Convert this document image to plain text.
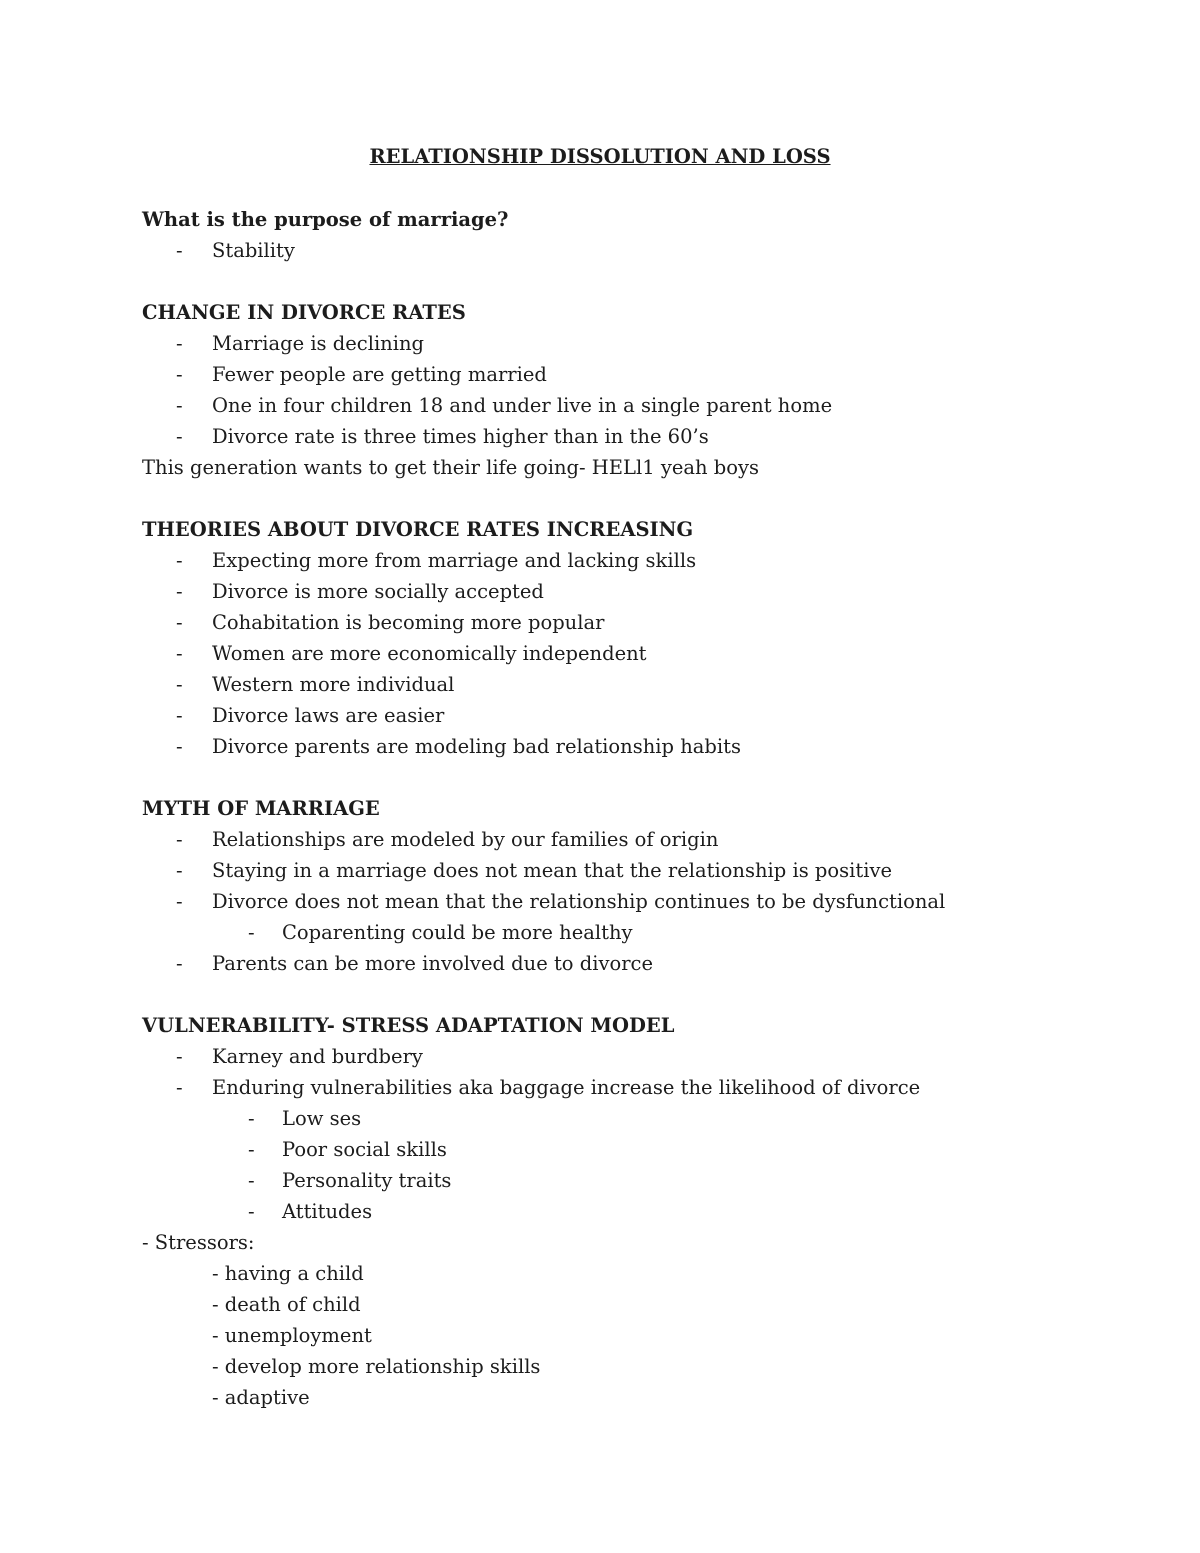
RELATIONSHIP DISSOLUTION AND LOSS
What is the purpose of marriage?
- Stability
CHANGE IN DIVORCE RATES
- Marriage is declining
- Fewer people are getting married
- One in four children 18 and under live in a single parent home
- Divorce rate is three times higher than in the 60’s
This generation wants to get their life going- HELl1 yeah boys
THEORIES ABOUT DIVORCE RATES INCREASING
- Expecting more from marriage and lacking skills
- Divorce is more socially accepted
- Cohabitation is becoming more popular
- Women are more economically independent
- Western more individual
- Divorce laws are easier
- Divorce parents are modeling bad relationship habits
MYTH OF MARRIAGE
- Relationships are modeled by our families of origin
- Staying in a marriage does not mean that the relationship is positive
- Divorce does not mean that the relationship continues to be dysfunctional
- Coparenting could be more healthy
- Parents can be more involved due to divorce
VULNERABILITY- STRESS ADAPTATION MODEL
- Karney and burdbery
- Enduring vulnerabilities aka baggage increase the likelihood of divorce
- Low ses
- Poor social skills
- Personality traits
- Attitudes
- Stressors:
- having a child
- death of child
- unemployment
- develop more relationship skills
- adaptive
